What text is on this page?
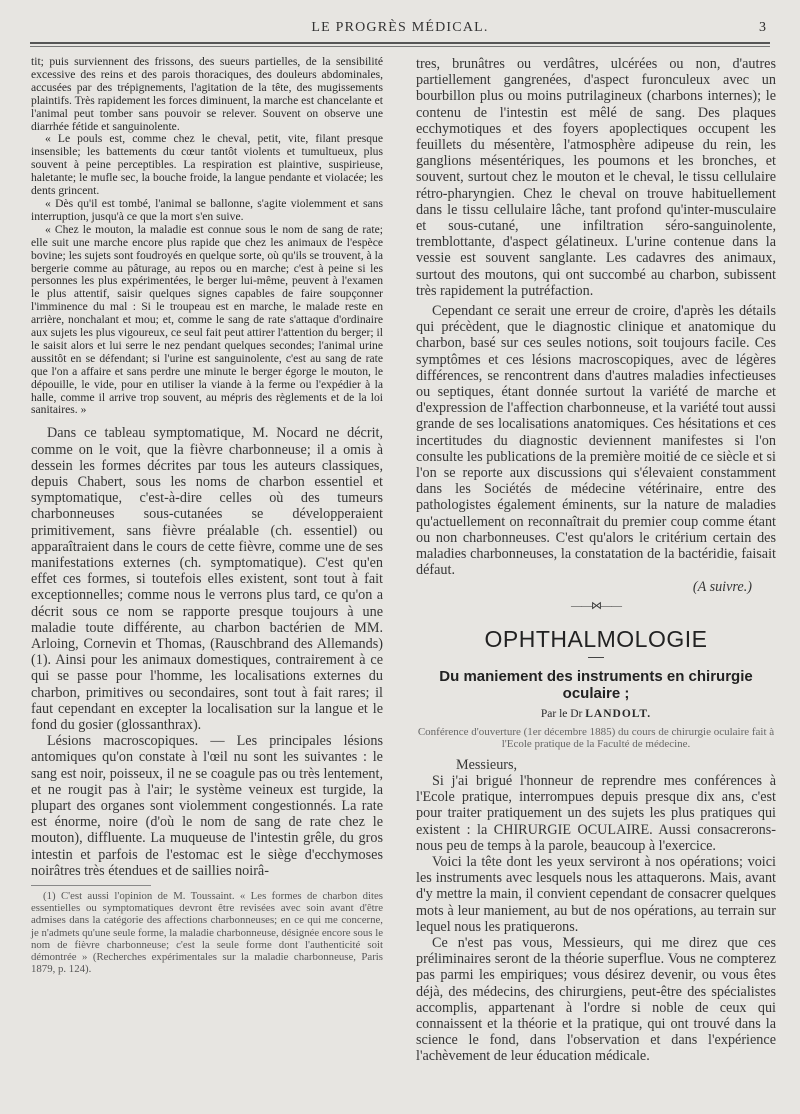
LE PROGRÈS MÉDICAL.	3

tit; puis surviennent des frissons, des sueurs partielles, de la sensibilité excessive des reins et des parois thoraciques, des douleurs abdominales, accusées par des trépignements, l'agitation de la tête, des mugissements plaintifs. Très rapidement les forces diminuent, la marche est chancelante et l'animal peut tomber sans pouvoir se relever. Souvent on observe une diarrhée fétide et sanguinolente.

« Le pouls est, comme chez le cheval, petit, vite, filant presque insensible; les battements du cœur tantôt violents et tumultueux, plus souvent à peine perceptibles. La respiration est plaintive, suspirieuse, haletante; le mufle sec, la bouche froide, la langue pendante et violacée; les dents grincent.

« Dès qu'il est tombé, l'animal se ballonne, s'agite violemment et sans interruption, jusqu'à ce que la mort s'en suive.

« Chez le mouton, la maladie est connue sous le nom de sang de rate; elle suit une marche encore plus rapide que chez les animaux de l'espèce bovine; les sujets sont foudroyés en quelque sorte, où qu'ils se trouvent, à la bergerie comme au pâturage, au repos ou en marche; c'est à peine si les personnes les plus expérimentées, le berger lui-même, peuvent à l'examen le plus attentif, saisir quelques signes capables de faire soupçonner l'imminence du mal : Si le troupeau est en marche, le malade reste en arrière, nonchalant et mou; et, comme le sang de rate s'attaque d'ordinaire aux sujets les plus vigoureux, ce seul fait peut attirer l'attention du berger; il le saisit alors et lui serre le nez pendant quelques secondes; l'animal urine aussitôt en se défendant; si l'urine est sanguinolente, c'est au sang de rate que l'on a affaire et sans perdre une minute le berger égorge le mouton, le dépouille, le vide, pour en utiliser la viande à la ferme ou l'expédier à la halle, comme il arrive trop souvent, au mépris des règlements et de la loi sanitaires. »

Dans ce tableau symptomatique, M. Nocard ne décrit, comme on le voit, que la fièvre charbonneuse; il a omis à dessein les formes décrites par tous les auteurs classiques, depuis Chabert, sous les noms de charbon essentiel et symptomatique, c'est-à-dire celles où des tumeurs charbonneuses sous-cutanées se développeraient primitivement, sans fièvre préalable (ch. essentiel) ou apparaîtraient dans le cours de cette fièvre, comme une de ses manifestations externes (ch. symptomatique). C'est qu'en effet ces formes, si toutefois elles existent, sont tout à fait exceptionnelles; comme nous le verrons plus tard, ce qu'on a décrit sous ce nom se rapporte presque toujours à une maladie toute différente, au charbon bactérien de MM. Arloing, Cornevin et Thomas, (Rauschbrand des Allemands) (1). Ainsi pour les animaux domestiques, contrairement à ce qui se passe pour l'homme, les localisations externes du charbon, primitives ou secondaires, sont tout à fait rares; il faut cependant en excepter la localisation sur la langue et le fond du gosier (glossanthrax).

Lésions macroscopiques. — Les principales lésions antomiques qu'on constate à l'œil nu sont les suivantes : le sang est noir, poisseux, il ne se coagule pas ou très lentement, et ne rougit pas à l'air; le système veineux est turgide, la plupart des organes sont violemment congestionnés. La rate est énorme, noire (d'où le nom de sang de rate chez le mouton), diffluente. La muqueuse de l'intestin grêle, du gros intestin et parfois de l'estomac est le siège d'ecchymoses noirâtres très étendues et de saillies noirâ-

(1) C'est aussi l'opinion de M. Toussaint. « Les formes de charbon dites essentielles ou symptomatiques devront être revisées avec soin avant d'être admises dans la catégorie des affections charbonneuses; en ce qui me concerne, je n'admets qu'une seule forme, la maladie charbonneuse, désignée encore sous le nom de fièvre charbonneuse; c'est la seule forme dont l'authenticité soit démontrée » (Recherches expérimentales sur la maladie charbonneuse, Paris 1879, p. 124).

tres, brunâtres ou verdâtres, ulcérées ou non, d'autres partiellement gangrenées, d'aspect furonculeux avec un bourbillon plus ou moins putrilagineux (charbons internes); le contenu de l'intestin est mêlé de sang. Des plaques ecchymotiques et des foyers apoplectiques occupent les feuillets du mésentère, l'atmosphère adipeuse du rein, les ganglions mésentériques, les poumons et les bronches, et souvent, surtout chez le mouton et le cheval, le tissu cellulaire rétro-pharyngien. Chez le cheval on trouve habituellement dans le tissu cellulaire lâche, tant profond qu'inter-musculaire et sous-cutané, une infiltration séro-sanguinolente, tremblottante, d'aspect gélatineux. L'urine contenue dans la vessie est souvent sanglante. Les cadavres des animaux, surtout des moutons, qui ont succombé au charbon, subissent très rapidement la putréfaction.

Cependant ce serait une erreur de croire, d'après les détails qui précèdent, que le diagnostic clinique et anatomique du charbon, basé sur ces seules notions, soit toujours facile. Ces symptômes et ces lésions macroscopiques, avec de légères différences, se rencontrent dans d'autres maladies infectieuses ou septiques, étant donnée surtout la variété de marche et d'expression de l'affection charbonneuse, et la variété tout aussi grande de ses localisations anatomiques. Ces hésitations et ces incertitudes du diagnostic deviennent manifestes si l'on consulte les publications de la première moitié de ce siècle et si l'on se reporte aux discussions qui s'élevaient constamment dans les Sociétés de médecine vétérinaire, entre des pathologistes également éminents, sur la nature de maladies qu'actuellement on reconnaîtrait du premier coup comme étant ou non charbonneuses. C'est qu'alors le critérium certain des maladies charbonneuses, la constatation de la bactéridie, faisait défaut.

(A suivre.)

——⋈——
OPHTHALMOLOGIE
Du maniement des instruments en chirurgie oculaire ;
Par le Dr LANDOLT.
Conférence d'ouverture (1er décembre 1885) du cours de chirurgie oculaire fait à l'Ecole pratique de la Faculté de médecine.

Messieurs,

Si j'ai brigué l'honneur de reprendre mes conférences à l'Ecole pratique, interrompues depuis presque dix ans, c'est pour traiter pratiquement un des sujets les plus pratiques qui existent : la CHIRURGIE OCULAIRE. Aussi consacrerons-nous peu de temps à la parole, beaucoup à l'exercice.

Voici la tête dont les yeux serviront à nos opérations; voici les instruments avec lesquels nous les attaquerons. Mais, avant d'y mettre la main, il convient cependant de consacrer quelques mots à leur maniement, au but de nos opérations, au terrain sur lequel nous les pratiquerons.

Ce n'est pas vous, Messieurs, qui me direz que ces préliminaires seront de la théorie superflue. Vous ne compterez pas parmi les empiriques; vous désirez devenir, ou vous êtes déjà, des médecins, des chirurgiens, peut-être des spécialistes accomplis, appartenant à l'ordre si noble de ceux qui connaissent et la théorie et la pratique, qui ont trouvé dans la science le fond, dans l'observation et dans l'expérience l'achèvement de leur éducation médicale.
